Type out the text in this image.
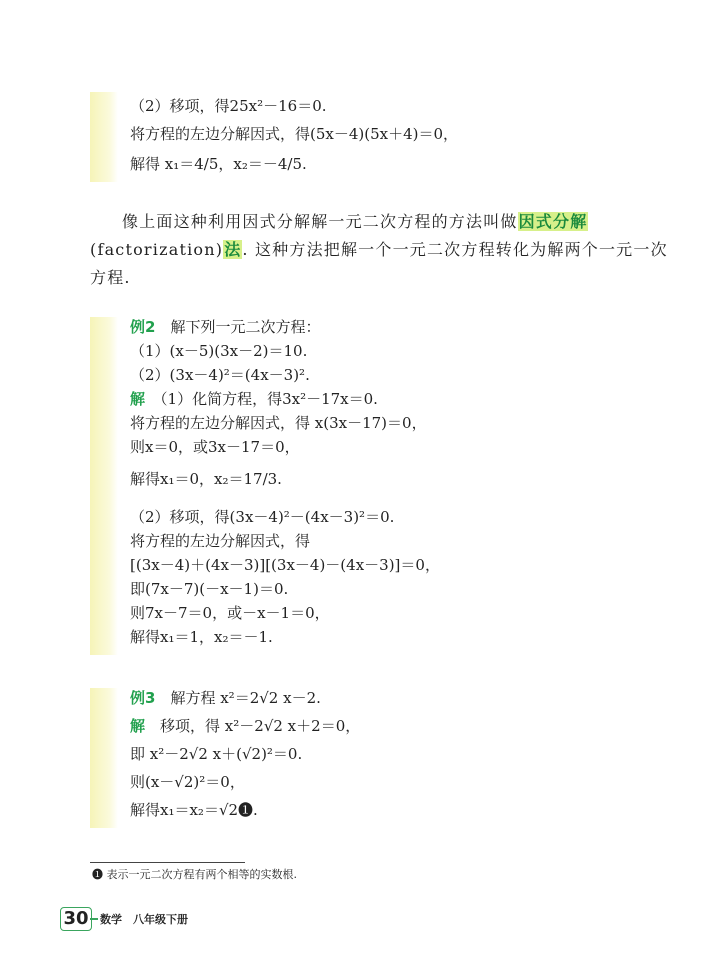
（2）移项，得25x²－16＝0.
将方程的左边分解因式，得(5x－4)(5x＋4)＝0，
解得 x₁＝4/5，x₂＝－4/5.
像上面这种利用因式分解解一元二次方程的方法叫做因式分解
(factorization)法. 这种方法把解一个一元二次方程转化为解两个一元一次
方程.
例2　 解下列一元二次方程：
（1）(x－5)(3x－2)＝10.
（2）(3x－4)²＝(4x－3)².
解　 （1）化简方程，得3x²－17x＝0.
将方程的左边分解因式，得 x(3x－17)＝0，
则x＝0，或3x－17＝0，
解得x₁＝0，x₂＝17/3.
（2）移项，得(3x－4)²－(4x－3)²＝0.
将方程的左边分解因式，得
[(3x－4)＋(4x－3)][(3x－4)－(4x－3)]＝0，
即(7x－7)(－x－1)＝0.
则7x－7＝0，或－x－1＝0，
解得x₁＝1，x₂＝－1.
例3　 解方程 x²＝2√2 x－2.
解　 移项，得 x²－2√2 x＋2＝0，
即 x²－2√2 x＋(√2)²＝0.
则(x－√2)²＝0，
解得x₁＝x₂＝√2❶.
❶ 表示一元二次方程有两个相等的实数根.
30	数学　八年级下册
